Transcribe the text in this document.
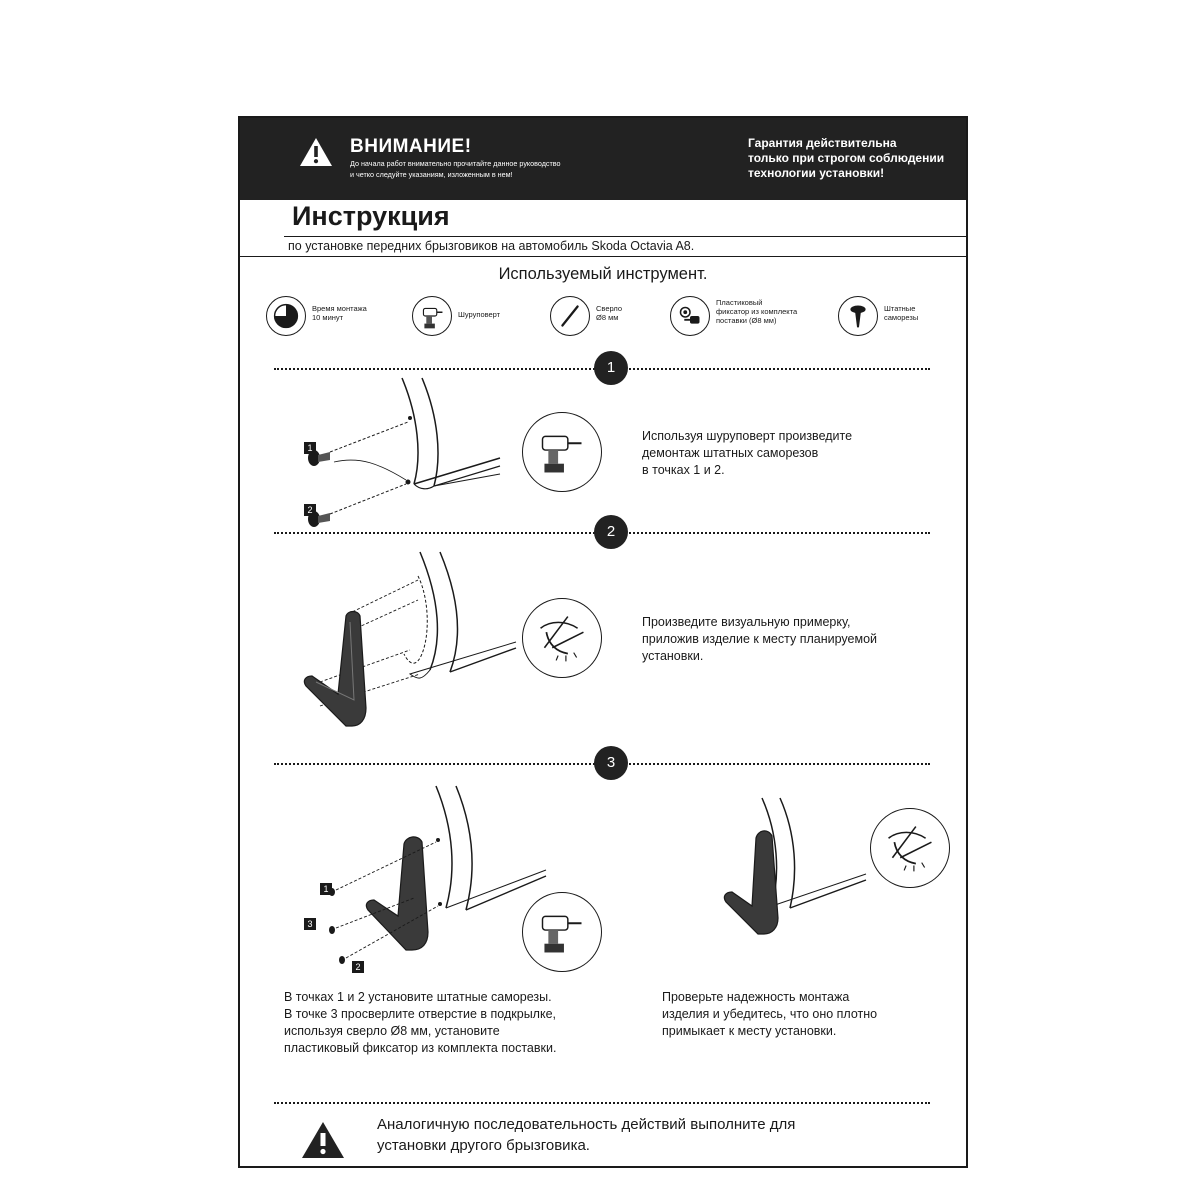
ВНИМАНИЕ!
До начала работ внимательно прочитайте данное руководство
и четко следуйте указаниям, изложенным в нем!
Гарантия действительна
только при строгом соблюдении
технологии установки!
Инструкция
по установке передних брызговиков на автомобиль Skoda Octavia A8.
Используемый инструмент.
Время монтажа
10 минут	Шуруповерт
Сверло
Ø8 мм
Пластиковый
фиксатор из комплекта
поставки (Ø8 мм)
Штатные
саморезы
1
1
2
Используя шуруповерт произведите
демонтаж штатных саморезов
в точках 1 и 2.
2
Произведите визуальную примерку,
приложив изделие к месту планируемой
установки.
3
1
3
2
В точках 1 и 2 установите штатные саморезы.
В точке 3 просверлите отверстие в подкрылке,
используя сверло Ø8 мм, установите
пластиковый фиксатор из комплекта поставки.
Проверьте надежность монтажа
изделия и убедитесь, что оно плотно
примыкает к месту установки.
Аналогичную последовательность действий выполните для
установки другого брызговика.
